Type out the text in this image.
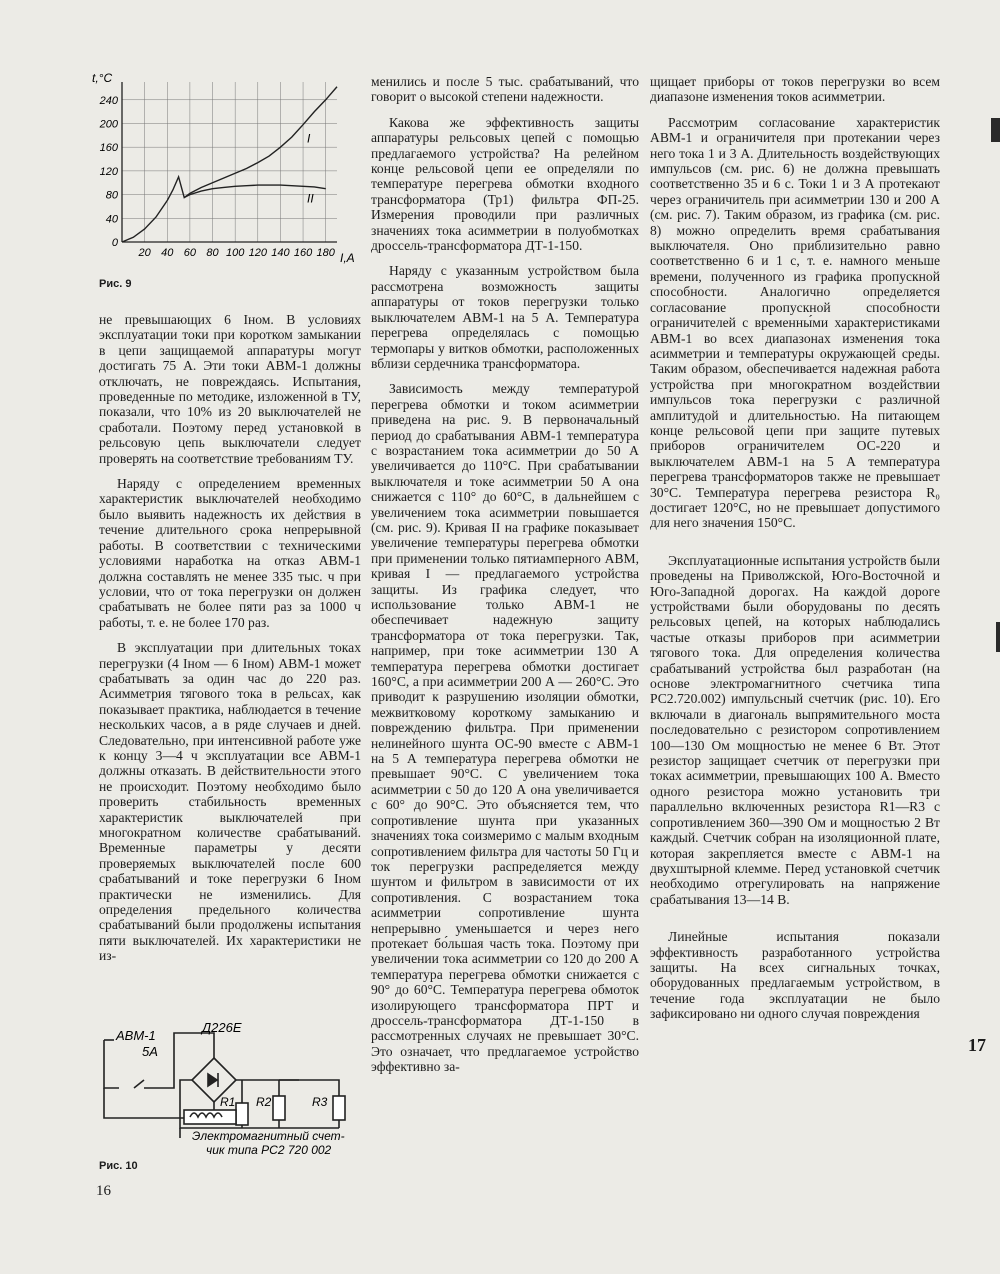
20 40 60 80 100 120 140 160 180
0
40
80
120
160
200
240
I
II
t,°C
I,A
Рис. 9

не превышающих 6 Iном. В условиях эксплуатации токи при коротком замыкании в цепи защищаемой аппаратуры могут достигать 75 А. Эти токи АВМ-1 должны отключать, не повреждаясь. Испытания, проведенные по методике, изложенной в ТУ, показали, что 10% из 20 выключателей не сработали. Поэтому перед установкой в рельсовую цепь выключатели следует проверять на соответствие требованиям ТУ.

Наряду с определением временных характеристик выключателей необходимо было выявить надежность их действия в течение длительного срока непрерывной работы. В соответствии с техническими условиями наработка на отказ АВМ-1 должна составлять не менее 335 тыс. ч при условии, что от тока перегрузки он должен срабатывать не более пяти раз за 1000 ч работы, т. е. не более 170 раз.

В эксплуатации при длительных токах перегрузки (4 Iном — 6 Iном) АВМ-1 может срабатывать за один час до 220 раз. Асимметрия тягового тока в рельсах, как показывает практика, наблюдается в течение нескольких часов, а в ряде случаев и дней. Следовательно, при интенсивной работе уже к концу 3—4 ч эксплуатации все АВМ-1 должны отказать. В действительности этого не происходит. Поэтому необходимо было проверить стабильность временных характеристик выключателей при многократном количестве срабатываний. Временные параметры у десяти проверяемых выключателей после 600 срабатываний и токе перегрузки 6 Iном практически не изменились. Для определения предельного количества срабатываний были продолжены испытания пяти выключателей. Их характеристики не из-

АВМ-1
5А
Д226Е
R1 R2	R3
Электромагнитный счет-
чик типа РС2 720 002
Рис. 10

менились и после 5 тыс. срабатываний, что говорит о высокой степени надежности.

Какова же эффективность защиты аппаратуры рельсовых цепей с помощью предлагаемого устройства? На релейном конце рельсовой цепи ее определяли по температуре перегрева обмотки входного трансформатора (Тр1) фильтра ФП-25. Измерения проводили при различных значениях тока асимметрии в полуобмотках дроссель-трансформатора ДТ-1-150.

Наряду с указанным устройством была рассмотрена возможность защиты аппаратуры от токов перегрузки только выключателем АВМ-1 на 5 А. Температура перегрева определялась с помощью термопары у витков обмотки, расположенных вблизи сердечника трансформатора.

Зависимость между температурой перегрева обмотки и током асимметрии приведена на рис. 9. В первоначальный период до срабатывания АВМ-1 температура с возрастанием тока асимметрии до 50 А увеличивается до 110°С. При срабатывании выключателя и токе асимметрии 50 А она снижается с 110° до 60°С, в дальнейшем с увеличением тока асимметрии повышается (см. рис. 9). Кривая II на графике показывает увеличение температуры перегрева обмотки при применении только пятиамперного АВМ, кривая I — предлагаемого устройства защиты. Из графика следует, что использование только АВМ-1 не обеспечивает надежную защиту трансформатора от тока перегрузки. Так, например, при токе асимметрии 130 А температура перегрева обмотки достигает 160°С, а при асимметрии 200 А — 260°С. Это приводит к разрушению изоляции обмотки, межвитковому короткому замыканию и повреждению фильтра. При применении нелинейного шунта ОС-90 вместе с АВМ-1 на 5 А температура перегрева обмотки не превышает 90°С. С увеличением тока асимметрии с 50 до 120 А она увеличивается с 60° до 90°С. Это объясняется тем, что сопротивление шунта при указанных значениях тока соизмеримо с малым входным сопротивлением фильтра для частоты 50 Гц и ток перегрузки распределяется между шунтом и фильтром в зависимости от их сопротивления. С возрастанием тока асимметрии сопротивление шунта непрерывно уменьшается и через него протекает бо́льшая часть тока. Поэтому при увеличении тока асимметрии со 120 до 200 А температура перегрева обмотки снижается с 90° до 60°С. Температура перегрева обмоток изолирующего трансформатора ПРТ и дроссель-трансформатора ДТ-1-150 в рассмотренных случаях не превышает 30°С. Это означает, что предлагаемое устройство эффективно за-

щищает приборы от токов перегрузки во всем диапазоне изменения токов асимметрии.

Рассмотрим согласование характеристик АВМ-1 и ограничителя при протекании через него тока 1 и 3 А. Длительность воздействующих импульсов (см. рис. 6) не должна превышать соответственно 35 и 6 с. Токи 1 и 3 А протекают через ограничитель при асимметрии 130 и 200 А (см. рис. 7). Таким образом, из графика (см. рис. 8) можно определить время срабатывания выключателя. Оно приблизительно равно соответственно 6 и 1 с, т. е. намного меньше времени, полученного из графика пропускной способности. Аналогично определяется согласование пропускной способности ограничителей с временны́ми характеристиками АВМ-1 во всех диапазонах изменения тока асимметрии и температуры окружающей среды. Таким образом, обеспечивается надежная работа устройства при многократном воздействии импульсов тока перегрузки с различной амплитудой и длительностью. На питающем конце рельсовой цепи при защите путевых приборов ограничителем ОС-220 и выключателем АВМ-1 на 5 А температура перегрева трансформаторов также не превышает 30°С. Температура перегрева резистора R₀ достигает 120°С, но не превышает допустимого для него значения 150°С.

Эксплуатационные испытания устройств были проведены на Приволжской, Юго-Восточной и Юго-Западной дорогах. На каждой дороге устройствами были оборудованы по десять рельсовых цепей, на которых наблюдались частые отказы приборов при асимметрии тягового тока. Для определения количества срабатываний устройства был разработан (на основе электромагнитного счетчика типа РС2.720.002) импульсный счетчик (рис. 10). Его включали в диагональ выпрямительного моста последовательно с резистором сопротивлением 100—130 Ом мощностью не менее 6 Вт. Этот резистор защищает счетчик от перегрузки при токах асимметрии, превышающих 100 А. Вместо одного резистора можно установить три параллельно включенных резистора R1—R3 с сопротивлением 360—390 Ом и мощностью 2 Вт каждый. Счетчик собран на изоляционной плате, которая закрепляется вместе с АВМ-1 на двухштырной клемме. Перед установкой счетчик необходимо отрегулировать на напряжение срабатывания 13—14 В.

Линейные испытания показали эффективность разработанного устройства защиты. На всех сигнальных точках, оборудованных предлагаемым устройством, в течение года эксплуатации не было зафиксировано ни одного случая повреждения

16
17
